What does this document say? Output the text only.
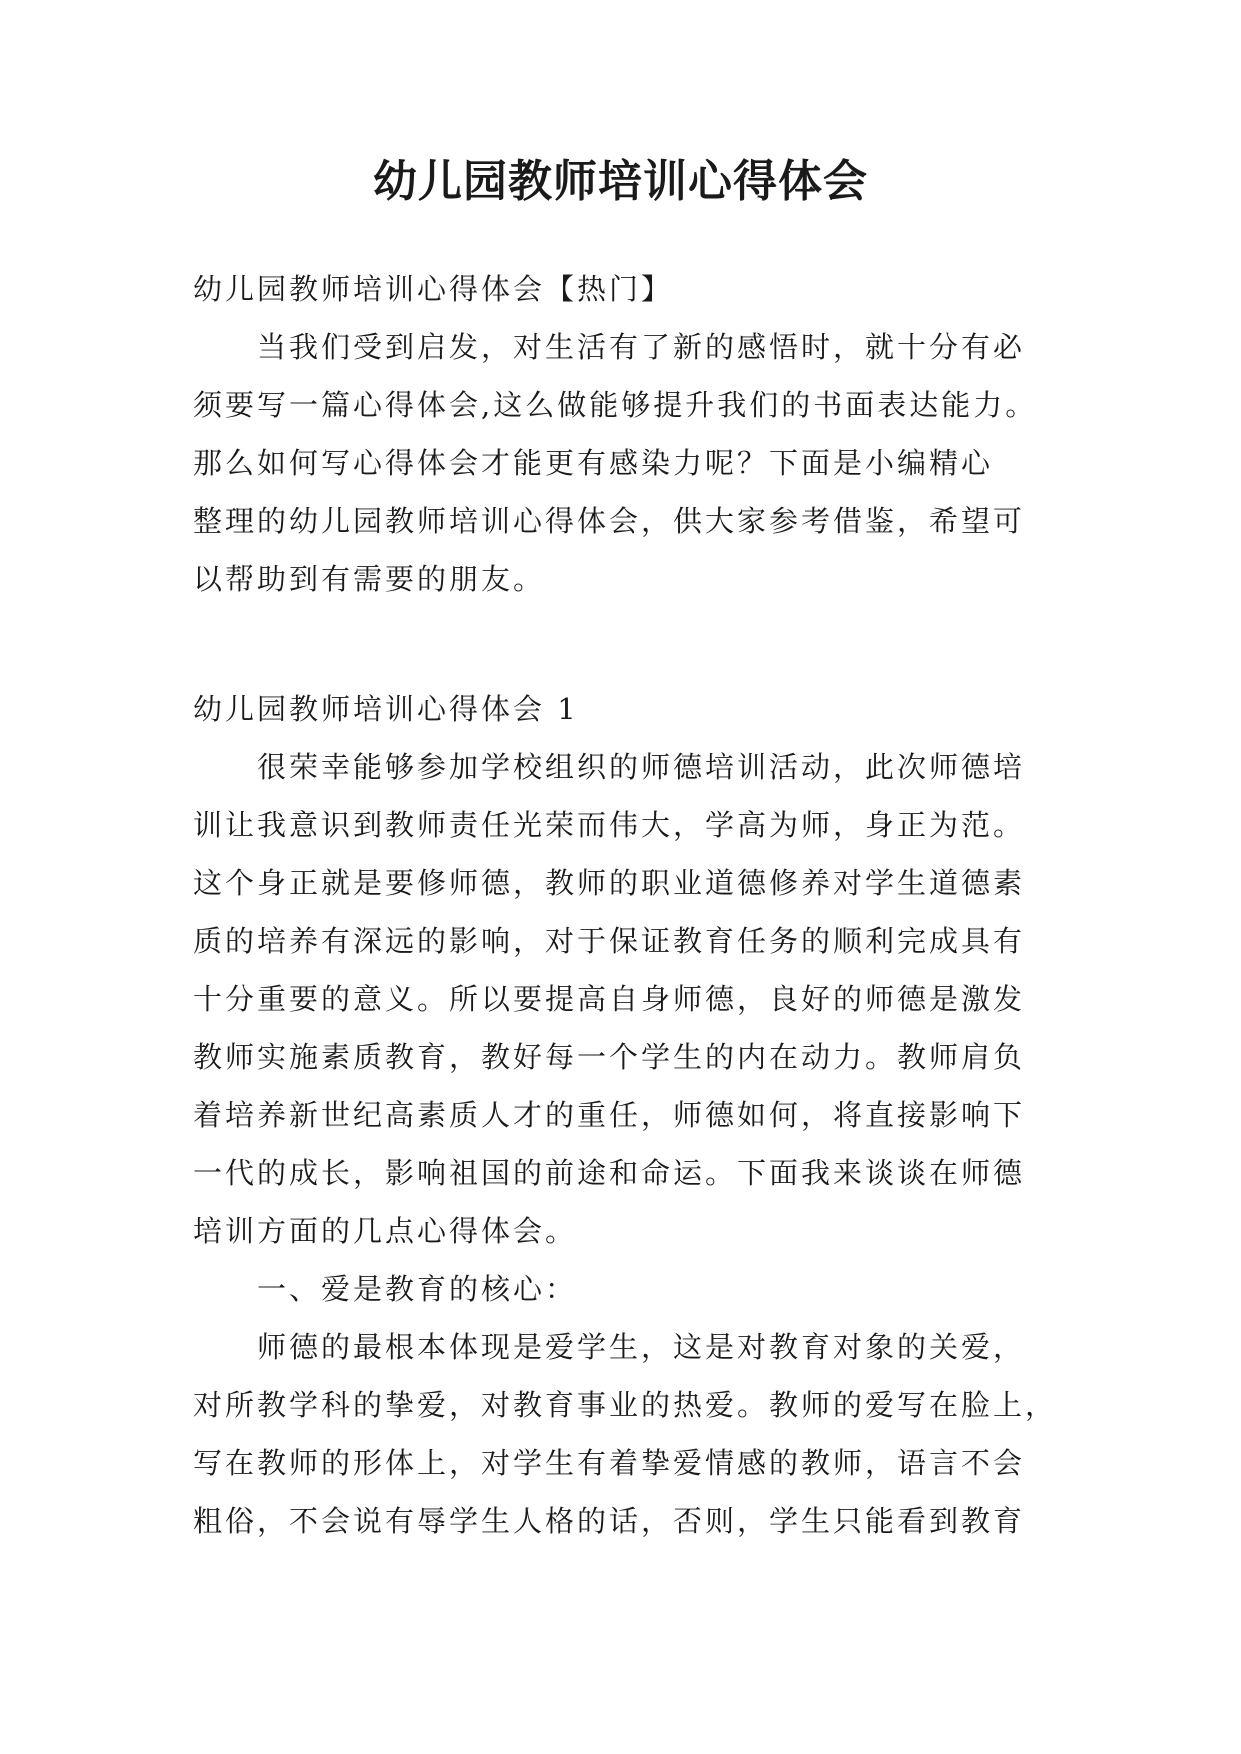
幼儿园教师培训心得体会
幼儿园教师培训心得体会【热门】
当我们受到启发，对生活有了新的感悟时，就十分有必
须要写一篇心得体会,这么做能够提升我们的书面表达能力。
那么如何写心得体会才能更有感染力呢？下面是小编精心
整理的幼儿园教师培训心得体会，供大家参考借鉴，希望可
以帮助到有需要的朋友。
幼儿园教师培训心得体会 1
很荣幸能够参加学校组织的师德培训活动，此次师德培
训让我意识到教师责任光荣而伟大，学高为师，身正为范。
这个身正就是要修师德，教师的职业道德修养对学生道德素
质的培养有深远的影响，对于保证教育任务的顺利完成具有
十分重要的意义。所以要提高自身师德，良好的师德是激发
教师实施素质教育，教好每一个学生的内在动力。教师肩负
着培养新世纪高素质人才的重任，师德如何，将直接影响下
一代的成长，影响祖国的前途和命运。下面我来谈谈在师德
培训方面的几点心得体会。
一、爱是教育的核心：
师德的最根本体现是爱学生，这是对教育对象的关爱，
对所教学科的挚爱，对教育事业的热爱。教师的爱写在脸上，
写在教师的形体上，对学生有着挚爱情感的教师，语言不会
粗俗，不会说有辱学生人格的话，否则，学生只能看到教育
